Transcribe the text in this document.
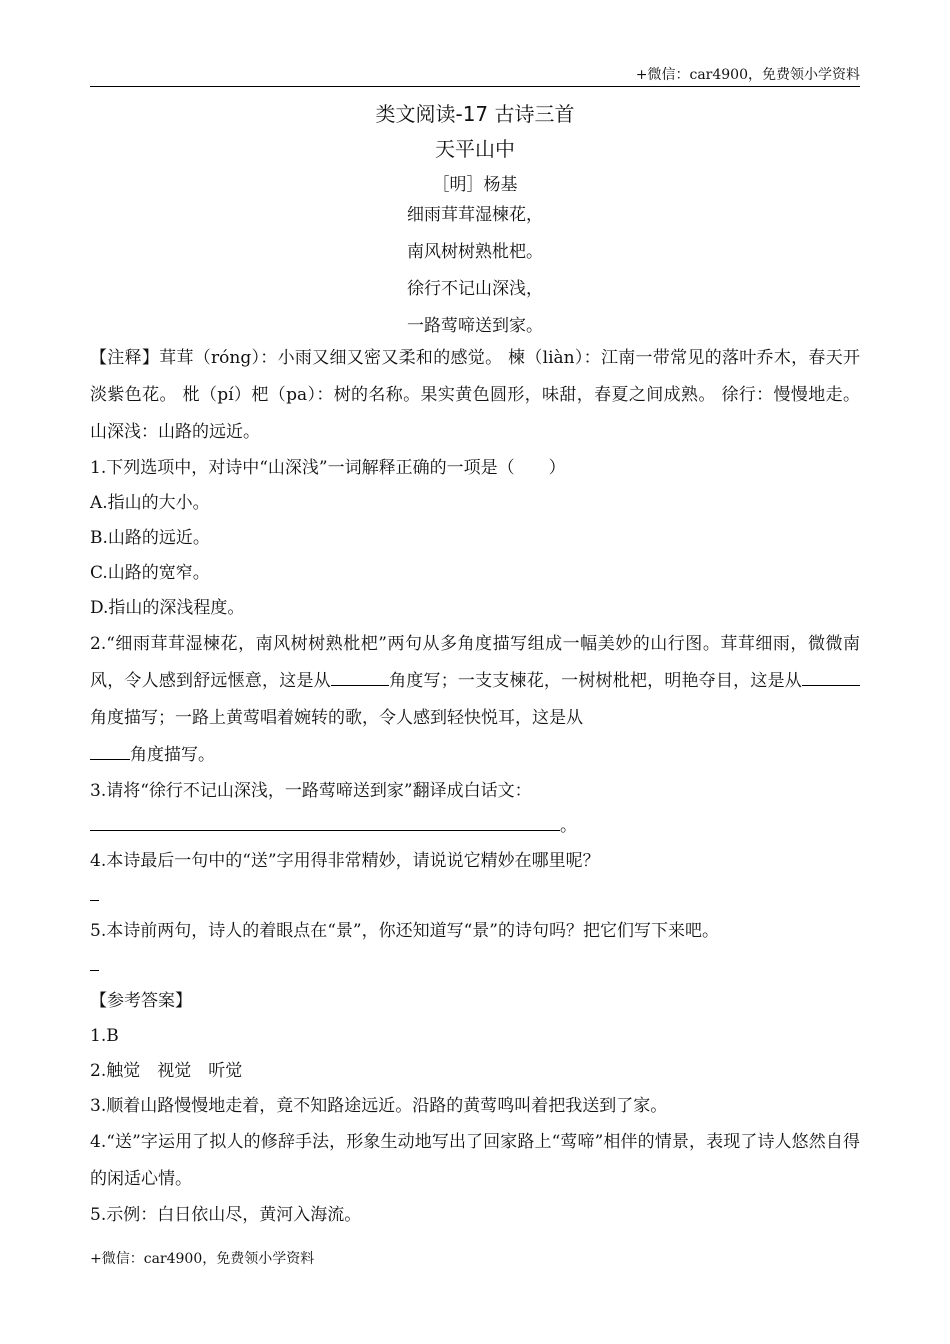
+微信：car4900，免费领小学资料
类文阅读-17 古诗三首
天平山中
［明］杨基
细雨茸茸湿楝花，
南风树树熟枇杷。
徐行不记山深浅，
一路莺啼送到家。
【注释】茸茸（róng）：小雨又细又密又柔和的感觉。 楝（liàn）：江南一带常见的落叶乔木，春天开淡紫色花。 枇（pí）杷（pa）：树的名称。果实黄色圆形，味甜，春夏之间成熟。 徐行：慢慢地走。 山深浅：山路的远近。
1.下列选项中，对诗中“山深浅”一词解释正确的一项是（　　）
A.指山的大小。
B.山路的远近。
C.山路的宽窄。
D.指山的深浅程度。
2.“细雨茸茸湿楝花，南风树树熟枇杷”两句从多角度描写组成一幅美妙的山行图。茸茸细雨，微微南风，令人感到舒远惬意，这是从	角度写；一支支楝花，一树树枇杷，明艳夺目，这是从角度描写；一路上黄莺唱着婉转的歌，令人感到轻快悦耳，这是从
角度描写。
3.请将“徐行不记山深浅，一路莺啼送到家”翻译成白话文：
。
4.本诗最后一句中的“送”字用得非常精妙，请说说它精妙在哪里呢？
5.本诗前两句，诗人的着眼点在“景”，你还知道写“景”的诗句吗？把它们写下来吧。
【参考答案】
1.B
2.触觉　视觉　听觉
3.顺着山路慢慢地走着，竟不知路途远近。沿路的黄莺鸣叫着把我送到了家。
4.“送”字运用了拟人的修辞手法，形象生动地写出了回家路上“莺啼”相伴的情景，表现了诗人悠然自得的闲适心情。
5.示例：白日依山尽，黄河入海流。
+微信：car4900，免费领小学资料
